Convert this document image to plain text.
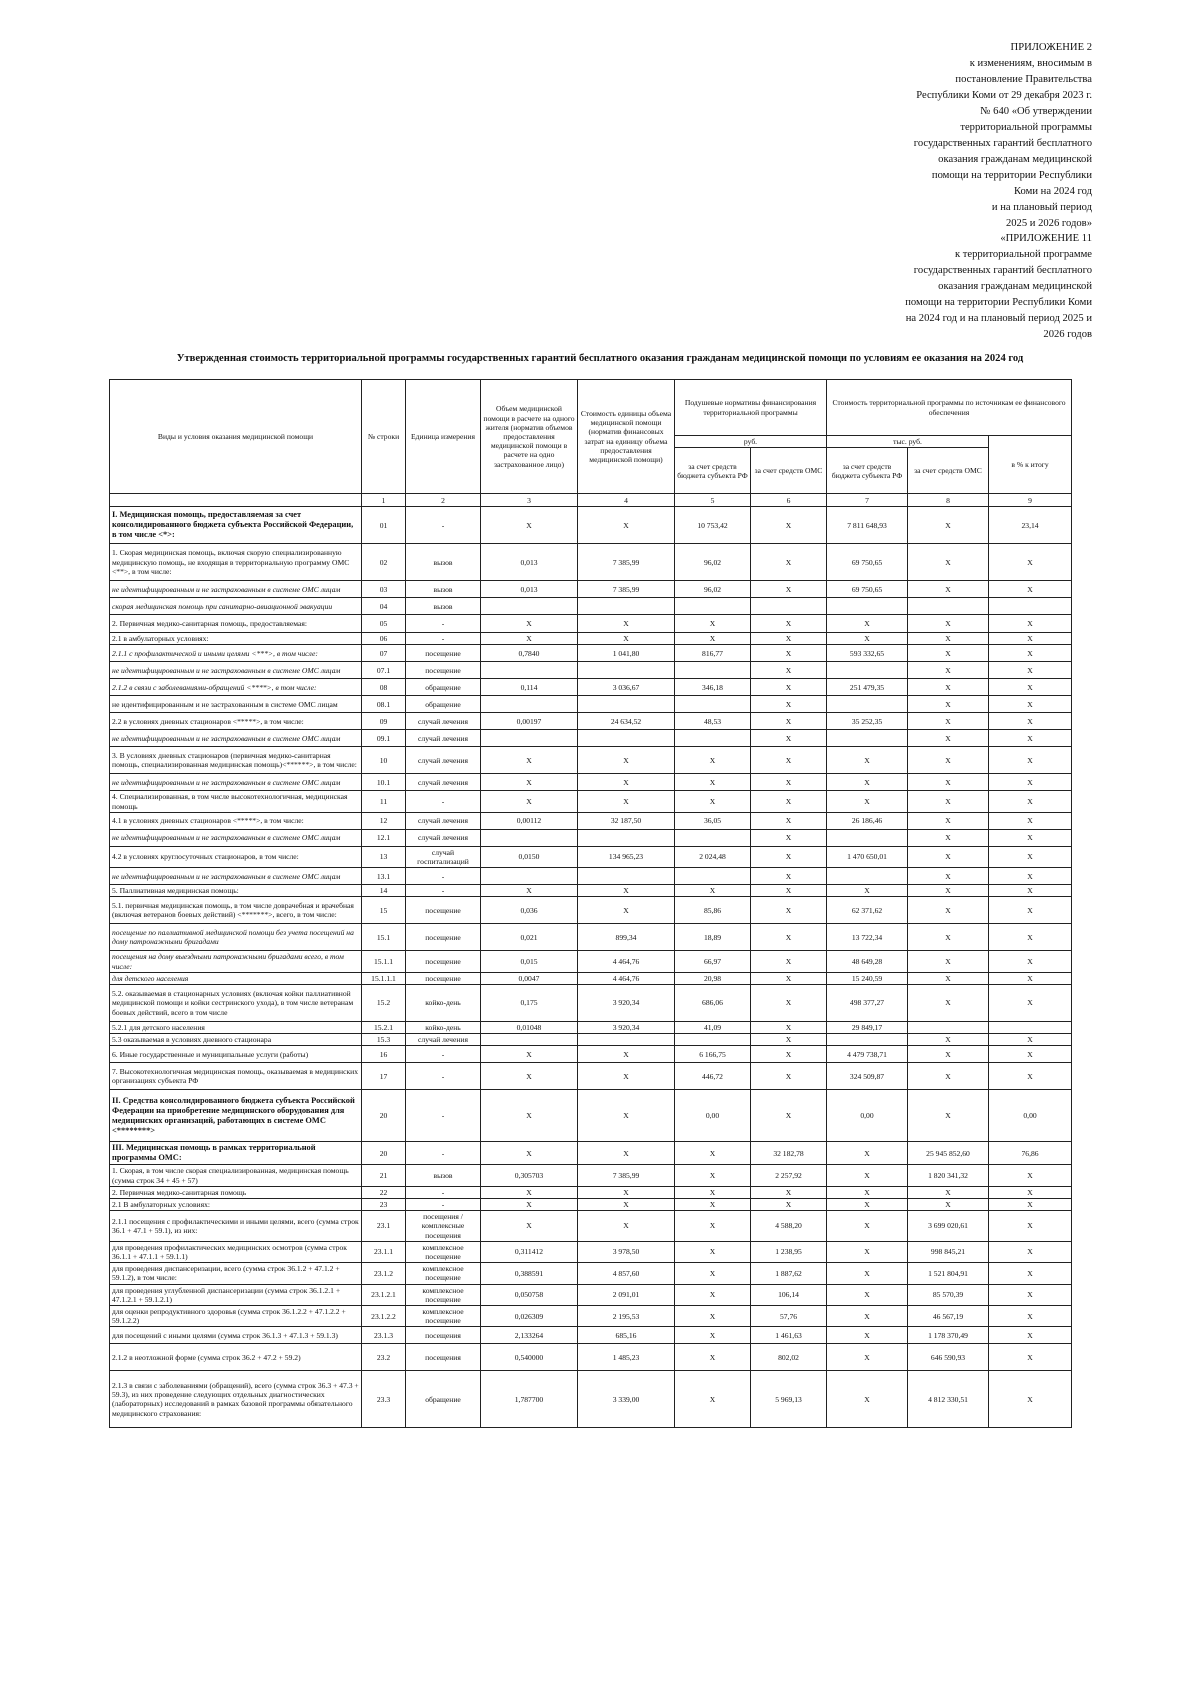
ПРИЛОЖЕНИЕ 2
к изменениям, вносимым в
постановление Правительства
Республики Коми от 29 декабря 2023 г.
№ 640 «Об утверждении
территориальной программы
государственных гарантий бесплатного
оказания гражданам медицинской
помощи на территории Республики
Коми на 2024 год
и на плановый период
2025 и 2026 годов»
«ПРИЛОЖЕНИЕ 11
к территориальной программе
государственных гарантий бесплатного
оказания гражданам медицинской
помощи на территории Республики Коми
на 2024 год и на плановый период 2025 и
2026 годов
Утвержденная стоимость территориальной программы государственных гарантий бесплатного оказания гражданам медицинской помощи по условиям ее оказания на 2024 год
Виды и условия оказания медицинской помощи	№ строки	Единица измерения	Объем медицинской помощи в расчете на одного жителя (норматив объемов предоставления медицинской помощи в расчете на одно застрахованное лицо)	Стоимость единицы объема медицинской помощи (норматив финансовых затрат на единицу объема предоставления медицинской помощи)	Подушевые нормативы финансирования территориальной программы		Стоимость территориальной программы по источникам ее финансового обеспечения		
					руб.		тыс. руб.		в % к итогу
					за счет средств бюджета субъекта РФ	за счет средств ОМС	за счет средств бюджета субъекта РФ	за счет средств ОМС	
	1	2	3	4	5	6	7	8	9
I. Медицинская помощь, предоставляемая за счет консолидированного бюджета субъекта Российской Федерации, в том числе <*>:	01	-	X	X	10 753,42	X	7 811 648,93	X	23,14
1. Скорая медицинская помощь, включая скорую специализированную медицинскую помощь, не входящая в территориальную программу ОМС <**>, в том числе:	02	вызов	0,013	7 385,99	96,02	X	69 750,65	X	X
не идентифицированным и не застрахованным в системе ОМС лицам	03	вызов	0,013	7 385,99	96,02	X	69 750,65	X	X
скорая медицинская помощь при санитарно-авиационной эвакуации	04	вызов							
2. Первичная медико-санитарная помощь, предоставляемая:	05	-	X	X	X	X	X	X	X
2.1 в амбулаторных условиях:	06	-	X	X	X	X	X	X	X
2.1.1 с профилактической и иными целями <***>, в том числе:	07	посещение	0,7840	1 041,80	816,77	X	593 332,65	X	X
не идентифицированным и не застрахованным в системе ОМС лицам	07.1	посещение				X		X	X
2.1.2 в связи с заболеваниями-обращений <****>, в том числе:	08	обращение	0,114	3 036,67	346,18	X	251 479,35	X	X
не идентифицированным и не застрахованным в системе ОМС лицам	08.1	обращение				X		X	X
2.2 в условиях дневных стационаров <*****>, в том числе:	09	случай лечения	0,00197	24 634,52	48,53	X	35 252,35	X	X
не идентифицированным и не застрахованным в системе ОМС лицам	09.1	случай лечения				X		X	X
3. В условиях дневных стационаров (первичная медико-санитарная помощь, специализированная медицинская помощь)<******>, в том числе:	10	случай лечения	X	X	X	X	X	X	X
не идентифицированным и не застрахованным в системе ОМС лицам	10.1	случай лечения	X	X	X	X	X	X	X
4. Специализированная, в том числе высокотехнологичная, медицинская помощь	11	-	X	X	X	X	X	X	X
4.1 в условиях дневных стационаров <*****>, в том числе:	12	случай лечения	0,00112	32 187,50	36,05	X	26 186,46	X	X
не идентифицированным и не застрахованным в системе ОМС лицам	12.1	случай лечения				X		X	X
4.2 в условиях круглосуточных стационаров, в том числе:	13	случай госпитализаций	0,0150	134 965,23	2 024,48	X	1 470 650,01	X	X
не идентифицированным и не застрахованным в системе ОМС лицам	13.1	-				X		X	X
5. Паллиативная медицинская помощь:	14	-	X	X	X	X	X	X	X
5.1. первичная медицинская помощь, в том числе доврачебная и врачебная (включая ветеранов боевых действий) <*******>, всего, в том числе:	15	посещение	0,036	X	85,86	X	62 371,62	X	X
посещение по паллиативной медицинской помощи без учета посещений на дому патронажными бригадами	15.1	посещение	0,021	899,34	18,89	X	13 722,34	X	X
посещения на дому выездными патронажными бригадами всего, в том числе:	15.1.1	посещение	0,015	4 464,76	66,97	X	48 649,28	X	X
для детского населения	15.1.1.1	посещение	0,0047	4 464,76	20,98	X	15 240,59	X	X
5.2. оказываемая в стационарных условиях (включая койки паллиативной медицинской помощи и койки сестринского ухода), в том числе ветеранам боевых действий, всего в том числе	15.2	койко-день	0,175	3 920,34	686,06	X	498 377,27	X	X
5.2.1 для детского населения	15.2.1	койко-день	0,01048	3 920,34	41,09	X	29 849,17		
5.3 оказываемая в условиях дневного стационара	15.3	случай лечения				X		X	X
6. Иные государственные и муниципальные услуги (работы)	16	-	X	X	6 166,75	X	4 479 738,71	X	X
7. Высокотехнологичная медицинская помощь, оказываемая в медицинских организациях субъекта РФ	17	-	X	X	446,72	X	324 509,87	X	X
II. Средства консолидированного бюджета субъекта Российской Федерации на приобретение медицинского оборудования для медицинских организаций, работающих в системе ОМС <********>	20	-	X	X	0,00	X	0,00	X	0,00
III. Медицинская помощь в рамках территориальной программы ОМС:	20	-	X	X	X	32 182,78	X	25 945 852,60	76,86
1. Скорая, в том числе скорая специализированная, медицинская помощь (сумма строк 34 + 45 + 57)	21	вызов	0,305703	7 385,99	X	2 257,92	X	1 820 341,32	X
2. Первичная медико-санитарная помощь	22	-	X	X	X	X	X	X	X
2.1 В амбулаторных условиях:	23	-	X	X	X	X	X	X	X
2.1.1 посещения с профилактическими и иными целями, всего (сумма строк 36.1 + 47.1 + 59.1), из них:	23.1	посещения / комплексные посещения	X	X	X	4 588,20	X	3 699 020,61	X
для проведения профилактических медицинских осмотров (сумма строк 36.1.1 + 47.1.1 + 59.1.1)	23.1.1	комплексное посещение	0,311412	3 978,50	X	1 238,95	X	998 845,21	X
для проведения диспансеризации, всего (сумма строк 36.1.2 + 47.1.2 + 59.1.2), в том числе:	23.1.2	комплексное посещение	0,388591	4 857,60	X	1 887,62	X	1 521 804,91	X
для проведения углубленной диспансеризации (сумма строк 36.1.2.1 + 47.1.2.1 + 59.1.2.1)	23.1.2.1	комплексное посещение	0,050758	2 091,01	X	106,14	X	85 570,39	X
для оценки репродуктивного здоровья (сумма строк 36.1.2.2 + 47.1.2.2 + 59.1.2.2)	23.1.2.2	комплексное посещение	0,026309	2 195,53	X	57,76	X	46 567,19	X
для посещений с иными целями (сумма строк 36.1.3 + 47.1.3 + 59.1.3)	23.1.3	посещения	2,133264	685,16	X	1 461,63	X	1 178 370,49	X
2.1.2 в неотложной форме (сумма строк 36.2 + 47.2 + 59.2)	23.2	посещения	0,540000	1 485,23	X	802,02	X	646 590,93	X
2.1.3 в связи с заболеваниями (обращений), всего (сумма строк 36.3 + 47.3 + 59.3), из них проведение следующих отдельных диагностических (лабораторных) исследований в рамках базовой программы обязательного медицинского страхования:	23.3	обращение	1,787700	3 339,00	X	5 969,13	X	4 812 330,51	X
